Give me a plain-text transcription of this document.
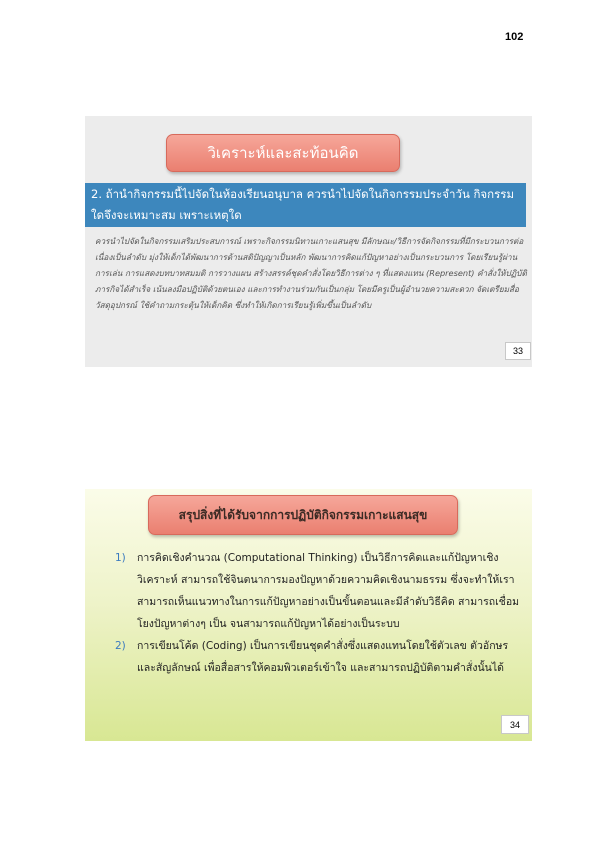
102
วิเคราะห์และสะท้อนคิด
2. ถ้านำกิจกรรมนี้ไปจัดในห้องเรียนอนุบาล ควรนำไปจัดในกิจกรรมประจำวัน กิจกรรมใดจึงจะเหมาะสม เพราะเหตุใด
ควรนำไปจัดในกิจกรรมเสริมประสบการณ์ เพราะกิจกรรมนิทานเกาะแสนสุข มีลักษณะ/วิธีการจัดกิจกรรมที่มีกระบวนการต่อเนื่องเป็นลำดับ มุ่งให้เด็กได้พัฒนาการด้านสติปัญญาเป็นหลัก พัฒนาการคิดแก้ปัญหาอย่างเป็นกระบวนการ โดยเรียนรู้ผ่านการเล่น การแสดงบทบาทสมมติ การวางแผน สร้างสรรค์ชุดคำสั่งโดยวิธีการต่าง ๆ ที่แสดงแทน (Represent) คำสั่งให้ปฏิบัติภารกิจได้สำเร็จ เน้นลงมือปฏิบัติด้วยตนเอง และการทำงานร่วมกันเป็นกลุ่ม โดยมีครูเป็นผู้อำนวยความสะดวก จัดเตรียมสื่อ วัสดุอุปกรณ์ ใช้คำถามกระตุ้นให้เด็กคิด ซึ่งทำให้เกิดการเรียนรู้เพิ่มขึ้นเป็นลำดับ
33
สรุปสิ่งที่ได้รับจากการปฏิบัติกิจกรรมเกาะแสนสุข
1) การคิดเชิงคำนวณ (Computational Thinking) เป็นวิธีการคิดและแก้ปัญหาเชิงวิเคราะห์ สามารถใช้จินตนาการมองปัญหาด้วยความคิดเชิงนามธรรม ซึ่งจะทำให้เราสามารถเห็นแนวทางในการแก้ปัญหาอย่างเป็นขั้นตอนและมีลำดับวิธีคิด สามารถเชื่อมโยงปัญหาต่างๆ เป็น จนสามารถแก้ปัญหาได้อย่างเป็นระบบ
2) การเขียนโค้ด (Coding) เป็นการเขียนชุดคำสั่งซึ่งแสดงแทนโดยใช้ตัวเลข ตัวอักษร และสัญลักษณ์ เพื่อสื่อสารให้คอมพิวเตอร์เข้าใจ และสามารถปฏิบัติตามคำสั่งนั้นได้
34
